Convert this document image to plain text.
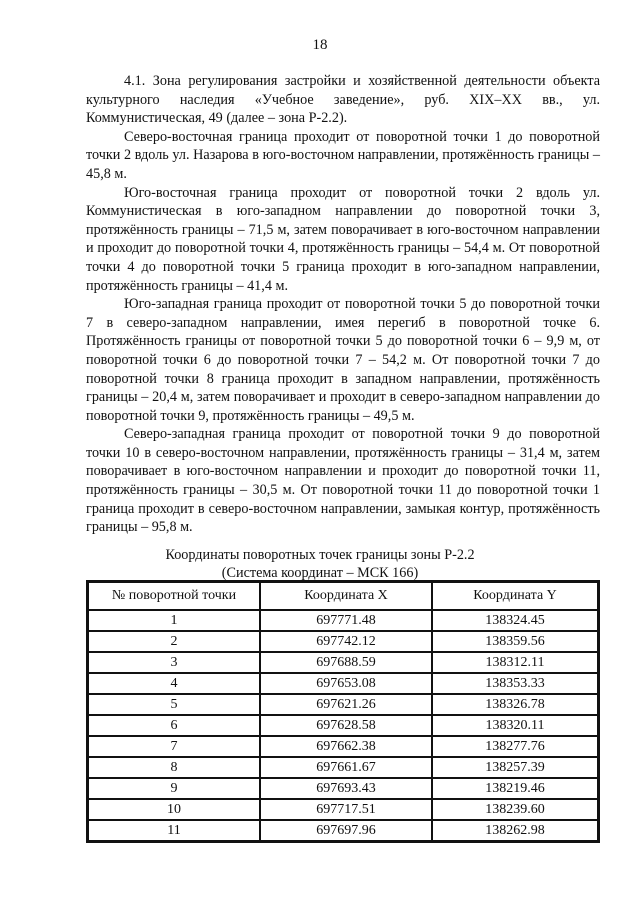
18

4.1. Зона регулирования застройки и хозяйственной деятельности объекта культурного наследия «Учебное заведение», руб. XIX–XX вв., ул. Коммунистическая, 49 (далее – зона Р-2.2).

Северо-восточная граница проходит от поворотной точки 1 до поворотной точки 2 вдоль ул. Назарова в юго-восточном направлении, протяжённость границы – 45,8 м.

Юго-восточная граница проходит от поворотной точки 2 вдоль ул. Коммунистическая в юго-западном направлении до поворотной точки 3, протяжённость границы – 71,5 м, затем поворачивает в юго-восточном направлении и проходит до поворотной точки 4, протяжённость границы – 54,4 м. От поворотной точки 4 до поворотной точки 5 граница проходит в юго-западном направлении, протяжённость границы – 41,4 м.

Юго-западная граница проходит от поворотной точки 5 до поворотной точки 7 в северо-западном направлении, имея перегиб в поворотной точке 6. Протяжённость границы от поворотной точки 5 до поворотной точки 6 – 9,9 м, от поворотной точки 6 до поворотной точки 7 – 54,2 м. От поворотной точки 7 до поворотной точки 8 граница проходит в западном направлении, протяжённость границы – 20,4 м, затем поворачивает и проходит в северо-западном направлении до поворотной точки 9, протяжённость границы – 49,5 м.

Северо-западная граница проходит от поворотной точки 9 до поворотной точки 10 в северо-восточном направлении, протяжённость границы – 31,4 м, затем поворачивает в юго-восточном направлении и проходит до поворотной точки 11, протяжённость границы – 30,5 м. От поворотной точки 11 до поворотной точки 1 граница проходит в северо-восточном направлении, замыкая контур, протяжённость границы – 95,8 м.

Координаты поворотных точек границы зоны Р-2.2
(Система координат – МСК 166)
№ поворотной точки	Координата X	Координата Y
1	697771.48	138324.45
2	697742.12	138359.56
3	697688.59	138312.11
4	697653.08	138353.33
5	697621.26	138326.78
6	697628.58	138320.11
7	697662.38	138277.76
8	697661.67	138257.39
9	697693.43	138219.46
10	697717.51	138239.60
11	697697.96	138262.98
